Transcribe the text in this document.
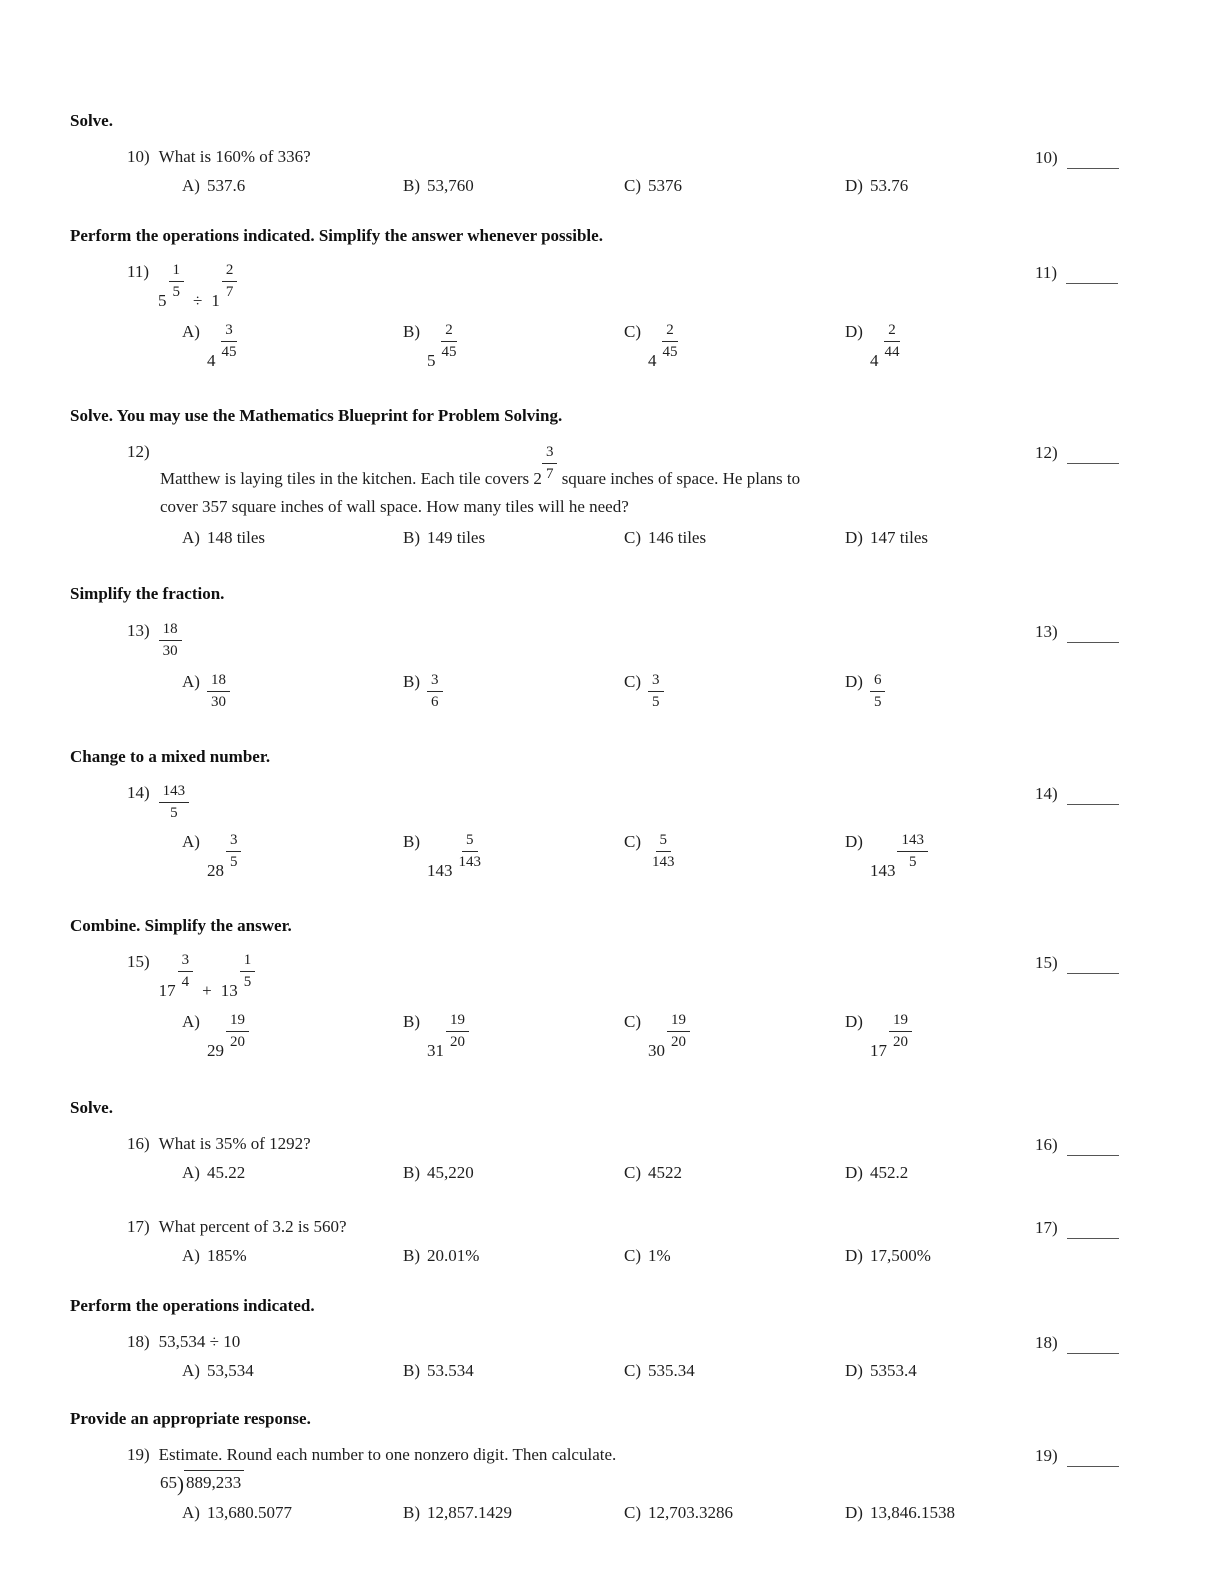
Solve.
10) What is 160% of 336?
A) 537.6	B) 53,760	C) 5376	D) 53.76
10)
Perform the operations indicated. Simplify the answer whenever possible.
11)
$5 \frac{1}{5} \div 1 \frac{2}{7}$
A)
$4 \frac{3}{45}$	B)
$5 \frac{2}{45}$	C)
$4 \frac{2}{45}$	D)
$4 \frac{2}{44}$
11)
Solve. You may use the Mathematics Blueprint for Problem Solving.
12)
Matthew is laying tiles in the kitchen. Each tile covers $2 \frac{3}{7}$ square inches of space. He plans to
cover 357 square inches of wall space. How many tiles will he need?
A) 148 tiles	B) 149 tiles	C) 146 tiles	D) 147 tiles
12)
Simplify the fraction.
$13) \frac{18}{30}$
$A) \frac{18}{30}$	$B) \frac{3}{6}$	$C) \frac{3}{5}$	$D) \frac{6}{5}$
13)
Change to a mixed number.
$14) \frac{143}{5}$
A)
$28 \frac{3}{5}$	B)
$143 \frac{5}{143}$	$C) \frac{5}{143}$	D)
$143 \frac{143}{5}$
14)
Combine. Simplify the answer.
15)
$17 \frac{3}{4} + 13 \frac{1}{5}$
A)
$29 \frac{19}{20}$	B)
$31 \frac{19}{20}$	C)
$30 \frac{19}{20}$	D)
$17 \frac{19}{20}$
15)
Solve.
16) What is 35% of 1292?
A) 45.22	B) 45,220	C) 4522	D) 452.2
16)
17) What percent of 3.2 is 560?
A) 185%	B) 20.01%	C) 1%	D) 17,500%
17)
Perform the operations indicated.
18) 53,534 ÷ 10
A) 53,534	B) 53.534	C) 535.34	D) 5353.4
18)
Provide an appropriate response.
19) Estimate. Round each number to one nonzero digit. Then calculate.
65 ) 889,233
A) 13,680.5077	B) 12,857.1429	C) 12,703.3286	D) 13,846.1538
19)
